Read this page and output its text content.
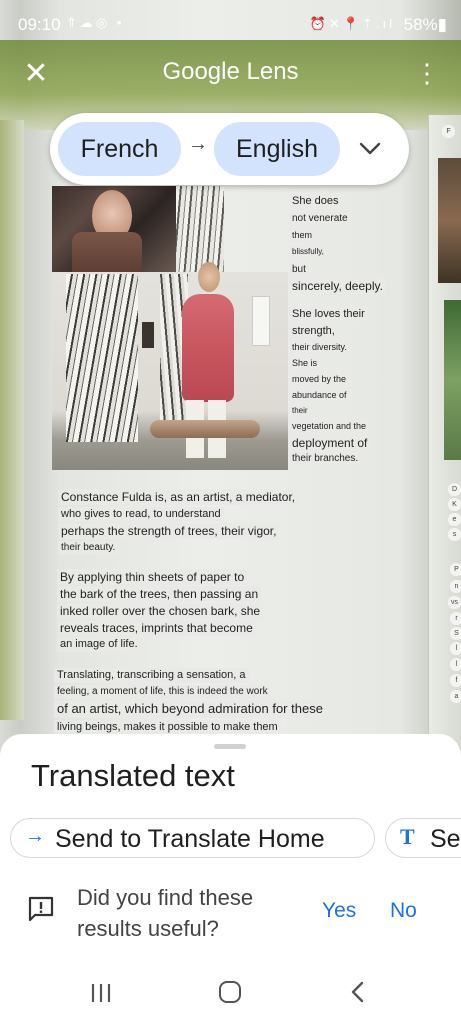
She does
not venerate
them
blissfully,
but
sincerely, deeply.
She loves their
strength,
their diversity.
She is
moved by the
abundance of
their
vegetation and the
deployment of
their branches.
Constance Fulda is, as an artist, a mediator,
who gives to read, to understand
perhaps the strength of trees, their vigor,
their beauty.
By applying thin sheets of paper to
the bark of the trees, then passing an
inked roller over the chosen bark, she
reveals traces, imprints that become
an image of life.
Translating, transcribing a sensation, a
feeling, a moment of life, this is indeed the work
of an artist, which beyond admiration for these
living beings, makes it possible to make them
F
D
K
e
s
P
n
vs
r
S
l
l
f
a
09:10 ⇑☁◎ •	⏰✕📍⇡.ıl 58%▮
✕	Google Lens	⋮
French	→	English
Translated text
→ Send to Translate Home	T Se
Did you find these results useful?
Yes No
